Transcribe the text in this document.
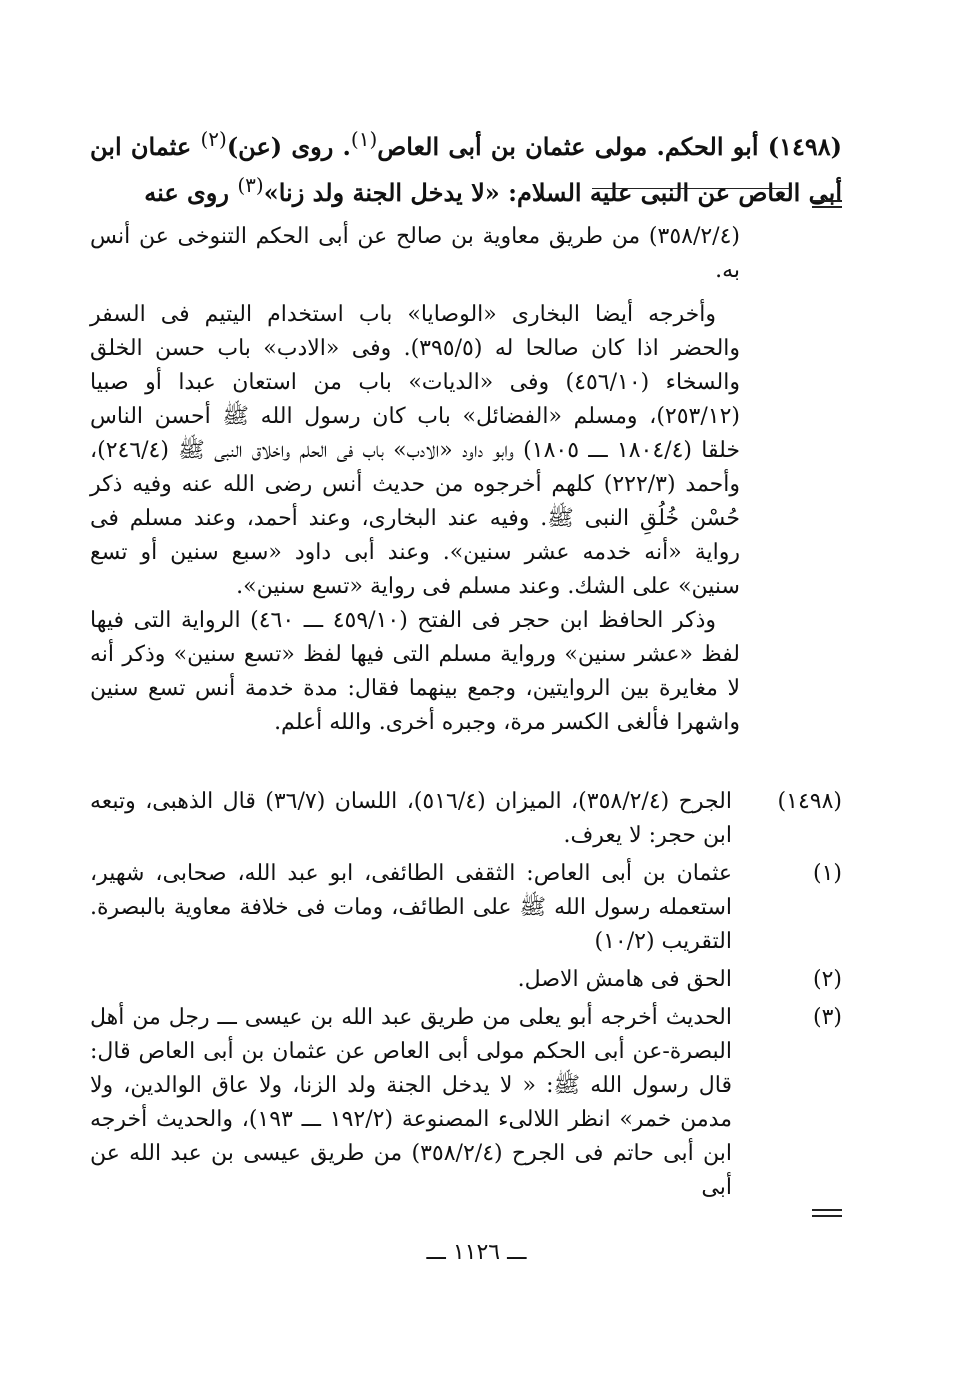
(١٤٩٨) أبو الحكم. مولى عثمان بن أبى العاص$^{(١)}$. روى (عن)$^{(٢)}$ عثمان ابن أبى العاص عن النبى عليه السلام: «لا يدخل الجنة ولد زنا»$^{(٣)}$ روى عنه

(٣٥٨/٢/٤) من طريق معاوية بن صالح عن أبى الحكم التنوخى عن أنس به.

وأخرجه أيضا البخارى «الوصايا» باب استخدام اليتيم فى السفر والحضر اذا كان صالحا له (٣٩٥/٥). وفى «الادب» باب حسن الخلق والسخاء (٤٥٦/١٠) وفى «الديات» باب من استعان عبدا أو صبيا (٢٥٣/١٢)، ومسلم «الفضائل» باب كان رسول الله ﷺ أحسن الناس خلقا (١٨٠٤/٤ ـــ ١٨٠٥) وابو داود «الادب» باب فى الحلم واخلاق النبى ﷺ (٢٤٦/٤)، وأحمد (٢٢٢/٣) كلهم أخرجوه من حديث أنس رضى الله عنه وفيه ذكر حُسْن خُلُقِ النبى ﷺ. وفيه عند البخارى، وعند أحمد، وعند مسلم فى رواية «أنه خدمه عشر سنين». وعند أبى داود «سبع سنين أو تسع سنين» على الشك. وعند مسلم فى رواية «تسع سنين».

وذكر الحافظ ابن حجر فى الفتح (٤٥٩/١٠ ـــ ٤٦٠) الرواية التى فيها لفظ «عشر سنين» ورواية مسلم التى فيها لفظ «تسع سنين» وذكر أنه لا مغايرة بين الروايتين، وجمع بينهما فقال: مدة خدمة أنس تسع سنين واشهرا فألغى الكسر مرة، وجبره أخرى. والله أعلم.

(١٤٩٨)
الجرح (٣٥٨/٢/٤)، الميزان (٥١٦/٤)، اللسان (٣٦/٧) قال الذهبى، وتبعه ابن حجر: لا يعرف.
(١)
عثمان بن أبى العاص: الثقفى الطائفى، ابو عبد الله، صحابى، شهير، استعمله رسول الله ﷺ على الطائف، ومات فى خلافة معاوية بالبصرة. التقريب (١٠/٢)
(٢)
الحق فى هامش الاصل.
(٣)
الحديث أخرجه أبو يعلى من طريق عبد الله بن عيسى ـــ رجل من أهل البصرة-عن أبى الحكم مولى أبى العاص عن عثمان بن أبى العاص قال: قال رسول الله ﷺ: « لا يدخل الجنة ولد الزنا، ولا عاق الوالدين، ولا مدمن خمر» انظر اللالىء المصنوعة (١٩٢/٢ ـــ ١٩٣)، والحديث أخرجه ابن أبى حاتم فى الجرح (٣٥٨/٢/٤) من طريق عيسى بن عبد الله عن أبى
ـــ ١١٢٦ ـــ
